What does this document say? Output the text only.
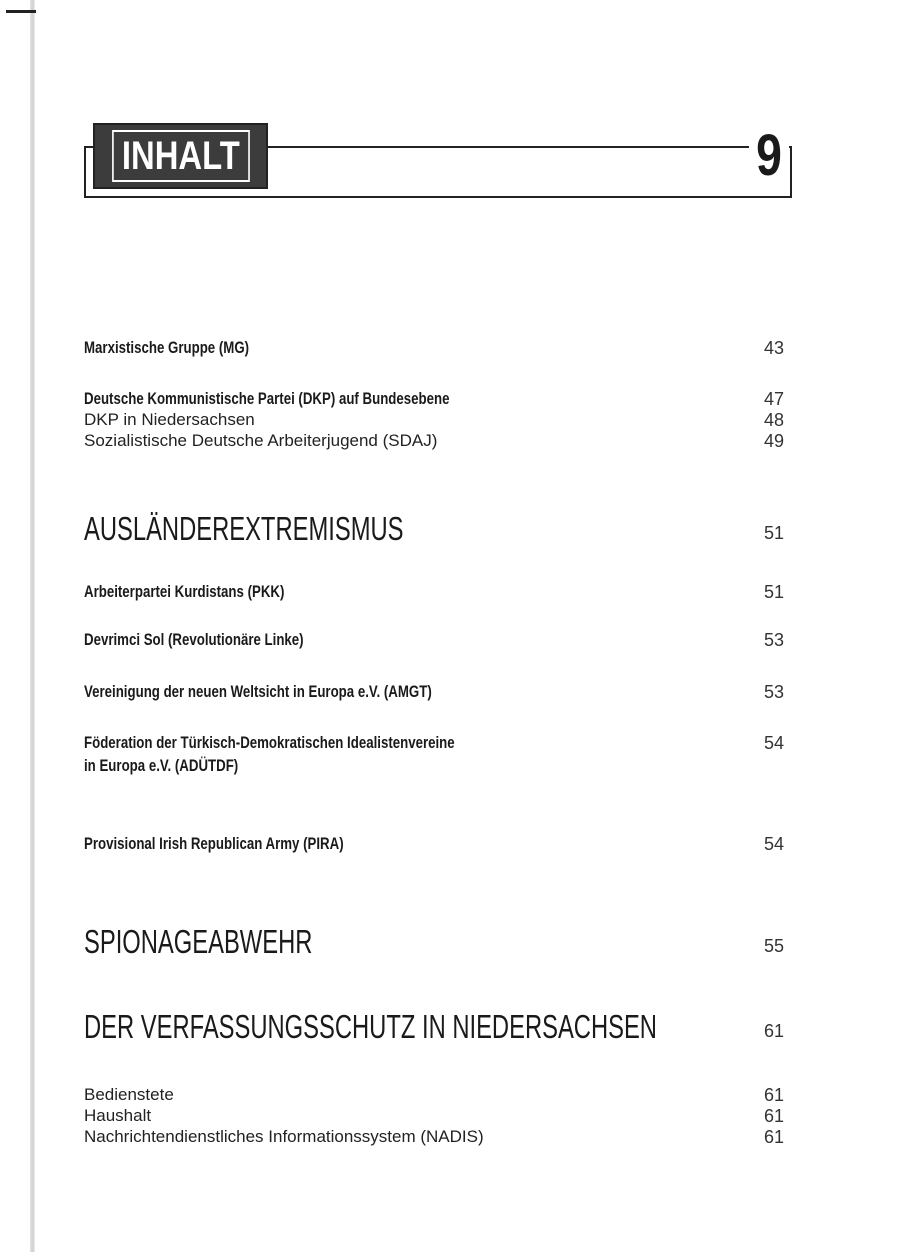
INHALT	9
Marxistische Gruppe (MG)	43
Deutsche Kommunistische Partei (DKP) auf Bundesebene	47
DKP in Niedersachsen	48
Sozialistische Deutsche Arbeiterjugend (SDAJ)	49
AUSLÄNDEREXTREMISMUS	51
Arbeiterpartei Kurdistans (PKK)	51
Devrimci Sol (Revolutionäre Linke)	53
Vereinigung der neuen Weltsicht in Europa e.V. (AMGT)	53
Föderation der Türkisch-Demokratischen Idealistenvereine	54
in Europa e.V. (ADÜTDF)
Provisional Irish Republican Army (PIRA)	54
SPIONAGEABWEHR	55
DER VERFASSUNGSSCHUTZ IN NIEDERSACHSEN	61
Bedienstete	61
Haushalt	61
Nachrichtendienstliches Informationssystem (NADIS)	61
